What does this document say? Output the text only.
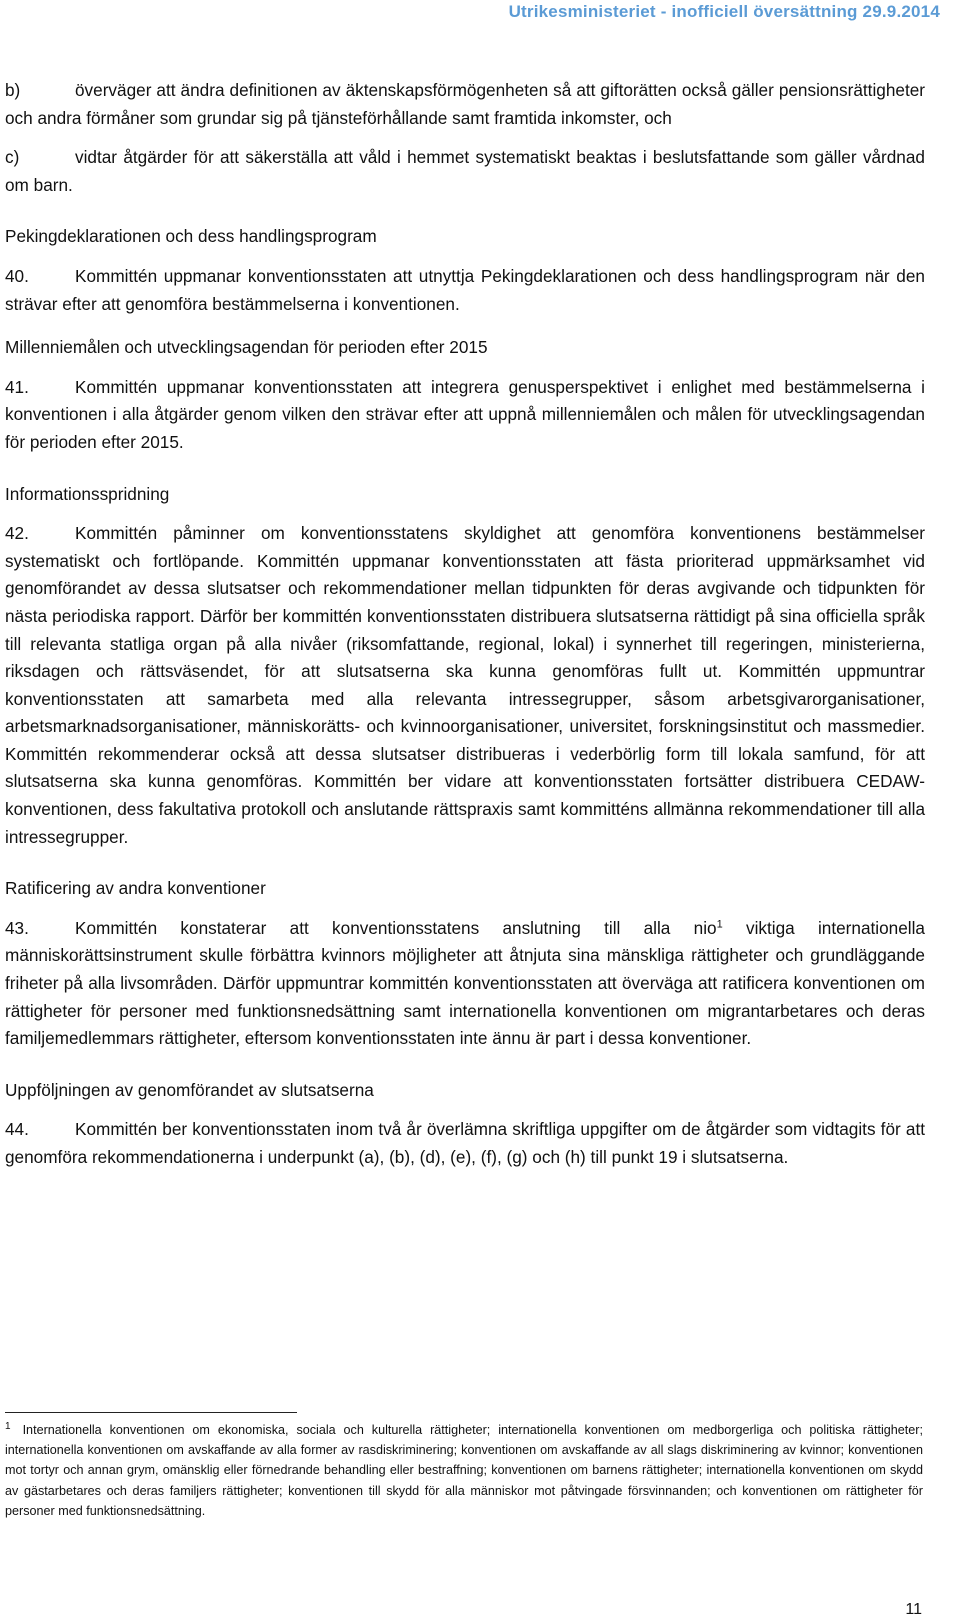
Utrikesministeriet - inofficiell översättning 29.9.2014

b)	överväger att ändra definitionen av äktenskapsförmögenheten så att giftorätten också gäller pensionsrättigheter och andra förmåner som grundar sig på tjänsteförhållande samt framtida inkomster, och

c)	vidtar åtgärder för att säkerställa att våld i hemmet systematiskt beaktas i beslutsfattande som gäller vårdnad om barn.

Pekingdeklarationen och dess handlingsprogram

40.	Kommittén uppmanar konventionsstaten att utnyttja Pekingdeklarationen och dess handlingsprogram när den strävar efter att genomföra bestämmelserna i konventionen.

Millenniemålen och utvecklingsagendan för perioden efter 2015

41.	Kommittén uppmanar konventionsstaten att integrera genusperspektivet i enlighet med bestämmelserna i konventionen i alla åtgärder genom vilken den strävar efter att uppnå millenniemålen och målen för utvecklingsagendan för perioden efter 2015.

Informationsspridning

42.	Kommittén påminner om konventionsstatens skyldighet att genomföra konventionens bestämmelser systematiskt och fortlöpande. Kommittén uppmanar konventionsstaten att fästa prioriterad uppmärksamhet vid genomförandet av dessa slutsatser och rekommendationer mellan tidpunkten för deras avgivande och tidpunkten för nästa periodiska rapport. Därför ber kommittén konventionsstaten distribuera slutsatserna rättidigt på sina officiella språk till relevanta statliga organ på alla nivåer (riksomfattande, regional, lokal) i synnerhet till regeringen, ministerierna, riksdagen och rättsväsendet, för att slutsatserna ska kunna genomföras fullt ut. Kommittén uppmuntrar konventionsstaten att samarbeta med alla relevanta intressegrupper, såsom arbetsgivarorganisationer, arbetsmarknadsorganisationer, människorätts- och kvinnoorganisationer, universitet, forskningsinstitut och massmedier. Kommittén rekommenderar också att dessa slutsatser distribueras i vederbörlig form till lokala samfund, för att slutsatserna ska kunna genomföras. Kommittén ber vidare att konventionsstaten fortsätter distribuera CEDAW-konventionen, dess fakultativa protokoll och anslutande rättspraxis samt kommitténs allmänna rekommendationer till alla intressegrupper.

Ratificering av andra konventioner

43.	Kommittén konstaterar att konventionsstatens anslutning till alla nio$^1$ viktiga internationella människorättsinstrument skulle förbättra kvinnors möjligheter att åtnjuta sina mänskliga rättigheter och grundläggande friheter på alla livsområden. Därför uppmuntrar kommittén konventionsstaten att överväga att ratificera konventionen om rättigheter för personer med funktionsnedsättning samt internationella konventionen om migrantarbetares och deras familjemedlemmars rättigheter, eftersom konventionsstaten inte ännu är part i dessa konventioner.

Uppföljningen av genomförandet av slutsatserna

44.	Kommittén ber konventionsstaten inom två år överlämna skriftliga uppgifter om de åtgärder som vidtagits för att genomföra rekommendationerna i underpunkt (a), (b), (d), (e), (f), (g) och (h) till punkt 19 i slutsatserna.

$^1$ Internationella konventionen om ekonomiska, sociala och kulturella rättigheter; internationella konventionen om medborgerliga och politiska rättigheter; internationella konventionen om avskaffande av alla former av rasdiskriminering; konventionen om avskaffande av all slags diskriminering av kvinnor; konventionen mot tortyr och annan grym, omänsklig eller förnedrande behandling eller bestraffning; konventionen om barnens rättigheter; internationella konventionen om skydd av gästarbetares och deras familjers rättigheter; konventionen till skydd för alla människor mot påtvingade försvinnanden; och konventionen om rättigheter för personer med funktionsnedsättning.
11
